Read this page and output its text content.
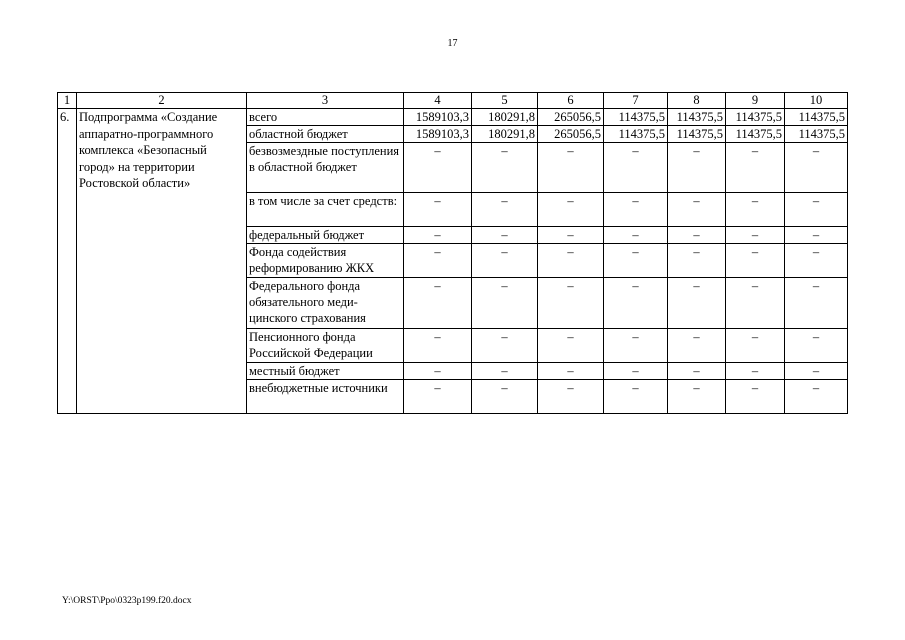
17
1	2	3	4	5	6	7	8	9	10
6.	Подпрограмма «Создание аппаратно-программного комплекса «Безопасный город» на территории Ростовской области»	всего	1589103,3	180291,8	265056,5	114375,5	114375,5	114375,5	114375,5
		областной бюджет	1589103,3	180291,8	265056,5	114375,5	114375,5	114375,5	114375,5
		безвозмездные поступления в областной бюджет	–	–	–	–	–	–	–
		в том числе за счет средств:	–	–	–	–	–	–	–
		федеральный бюджет	–	–	–	–	–	–	–
		Фонда содействия реформированию ЖКХ	–	–	–	–	–	–	–
		Федерального фонда обязательного меди-цинского страхования	–	–	–	–	–	–	–
		Пенсионного фонда Российской Федерации	–	–	–	–	–	–	–
		местный бюджет	–	–	–	–	–	–	–
		внебюджетные источники	–	–	–	–	–	–	–
Y:\ORST\Ppo\0323p199.f20.docx
